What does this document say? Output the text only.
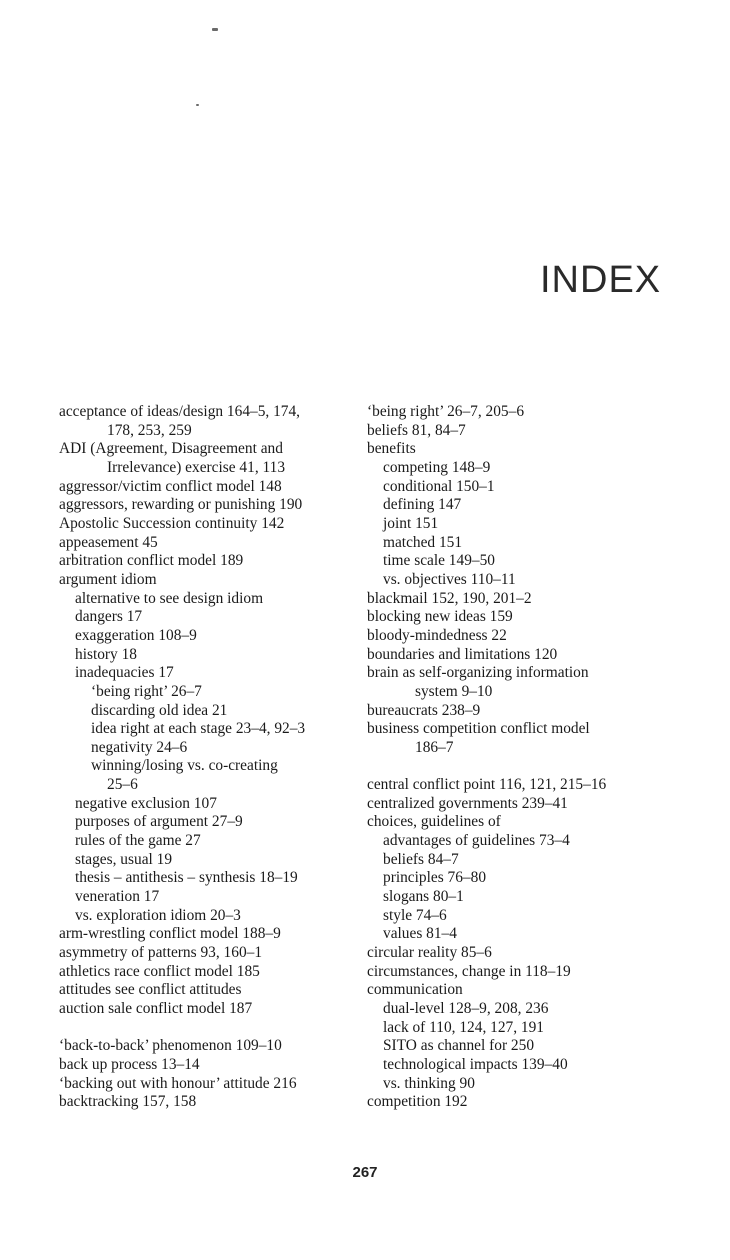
INDEX
acceptance of ideas/design 164–5, 174,
178, 253, 259
ADI (Agreement, Disagreement and
Irrelevance) exercise 41, 113
aggressor/victim conflict model 148
aggressors, rewarding or punishing 190
Apostolic Succession continuity 142
appeasement 45
arbitration conflict model 189
argument idiom
alternative to see design idiom
dangers 17
exaggeration 108–9
history 18
inadequacies 17
‘being right’ 26–7
discarding old idea 21
idea right at each stage 23–4, 92–3
negativity 24–6
winning/losing vs. co-creating
25–6
negative exclusion 107
purposes of argument 27–9
rules of the game 27
stages, usual 19
thesis – antithesis – synthesis 18–19
veneration 17
vs. exploration idiom 20–3
arm-wrestling conflict model 188–9
asymmetry of patterns 93, 160–1
athletics race conflict model 185
attitudes see conflict attitudes
auction sale conflict model 187
‘back-to-back’ phenomenon 109–10
back up process 13–14
‘backing out with honour’ attitude 216
backtracking 157, 158
‘being right’ 26–7, 205–6
beliefs 81, 84–7
benefits
competing 148–9
conditional 150–1
defining 147
joint 151
matched 151
time scale 149–50
vs. objectives 110–11
blackmail 152, 190, 201–2
blocking new ideas 159
bloody-mindedness 22
boundaries and limitations 120
brain as self-organizing information
system 9–10
bureaucrats 238–9
business competition conflict model
186–7
central conflict point 116, 121, 215–16
centralized governments 239–41
choices, guidelines of
advantages of guidelines 73–4
beliefs 84–7
principles 76–80
slogans 80–1
style 74–6
values 81–4
circular reality 85–6
circumstances, change in 118–19
communication
dual-level 128–9, 208, 236
lack of 110, 124, 127, 191
SITO as channel for 250
technological impacts 139–40
vs. thinking 90
competition 192
267
